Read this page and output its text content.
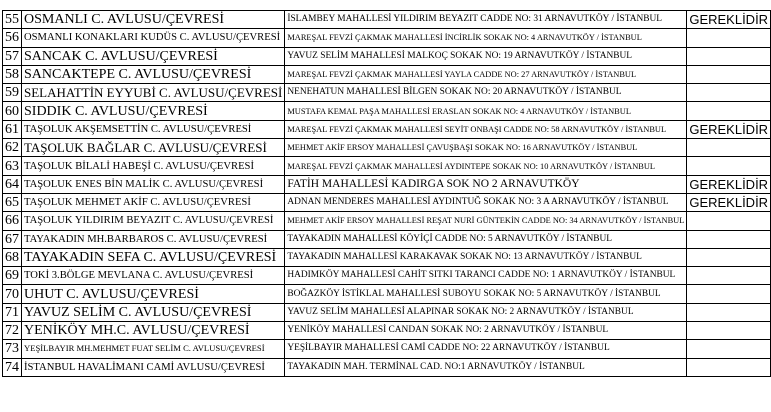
55	OSMANLI C. AVLUSU/ÇEVRESİ	İSLAMBEY MAHALLESİ YILDIRIM BEYAZIT CADDE NO: 31 ARNAVUTKÖY / İSTANBUL	GEREKLİDİR
56	OSMANLI KONAKLARI KUDÜS C. AVLUSU/ÇEVRESİ	MAREŞAL FEVZİ ÇAKMAK MAHALLESİ İNCİRLİK SOKAK NO: 4 ARNAVUTKÖY / İSTANBUL	
57	SANCAK C. AVLUSU/ÇEVRESİ	YAVUZ SELİM MAHALLESİ MALKOÇ SOKAK NO: 19 ARNAVUTKÖY / İSTANBUL	
58	SANCAKTEPE C. AVLUSU/ÇEVRESİ	MAREŞAL FEVZİ ÇAKMAK MAHALLESİ YAYLA CADDE NO: 27 ARNAVUTKÖY / İSTANBUL	
59	SELAHATTİN EYYUBİ C. AVLUSU/ÇEVRESİ	NENEHATUN MAHALLESİ BİLGEN SOKAK NO: 20 ARNAVUTKÖY / İSTANBUL	
60	SIDDIK C. AVLUSU/ÇEVRESİ	MUSTAFA KEMAL PAŞA MAHALLESİ ERASLAN SOKAK NO: 4 ARNAVUTKÖY / İSTANBUL	
61	TAŞOLUK AKŞEMSETTİN C. AVLUSU/ÇEVRESİ	MAREŞAL FEVZİ ÇAKMAK MAHALLESİ SEYİT ONBAŞI CADDE NO: 58 ARNAVUTKÖY / İSTANBUL	GEREKLİDİR
62	TAŞOLUK BAĞLAR C. AVLUSU/ÇEVRESİ	MEHMET AKİF ERSOY MAHALLESİ ÇAVUŞBAŞI SOKAK NO: 16 ARNAVUTKÖY / İSTANBUL	
63	TAŞOLUK BİLALİ HABEŞİ C. AVLUSU/ÇEVRESİ	MAREŞAL FEVZİ ÇAKMAK MAHALLESİ AYDINTEPE SOKAK NO: 10 ARNAVUTKÖY / İSTANBUL	
64	TAŞOLUK ENES BİN MALİK C. AVLUSU/ÇEVRESİ	FATİH MAHALLESİ KADIRGA SOK NO 2 ARNAVUTKÖY	GEREKLİDİR
65	TAŞOLUK MEHMET AKİF C. AVLUSU/ÇEVRESİ	ADNAN MENDERES MAHALLESİ AYDINTUĞ SOKAK NO: 3 A ARNAVUTKÖY / İSTANBUL	GEREKLİDİR
66	TAŞOLUK YILDIRIM BEYAZIT C. AVLUSU/ÇEVRESİ	MEHMET AKİF ERSOY MAHALLESİ REŞAT NURİ GÜNTEKİN CADDE NO: 34 ARNAVUTKÖY / İSTANBUL	
67	TAYAKADIN MH.BARBAROS C. AVLUSU/ÇEVRESİ	TAYAKADIN MAHALLESİ KÖYİÇİ CADDE NO: 5 ARNAVUTKÖY / İSTANBUL	
68	TAYAKADIN SEFA C. AVLUSU/ÇEVRESİ	TAYAKADIN MAHALLESİ KARAKAVAK SOKAK NO: 13 ARNAVUTKÖY / İSTANBUL	
69	TOKİ 3.BÖLGE MEVLANA C. AVLUSU/ÇEVRESİ	HADIMKÖY MAHALLESİ CAHİT SITKI TARANCI CADDE NO: 1 ARNAVUTKÖY / İSTANBUL	
70	UHUT C. AVLUSU/ÇEVRESİ	BOĞAZKÖY İSTİKLAL MAHALLESİ SUBOYU SOKAK NO: 5 ARNAVUTKÖY / İSTANBUL	
71	YAVUZ SELİM C. AVLUSU/ÇEVRESİ	YAVUZ SELİM MAHALLESİ ALAPINAR SOKAK NO: 2 ARNAVUTKÖY / İSTANBUL	
72	YENİKÖY MH.C. AVLUSU/ÇEVRESİ	YENİKÖY MAHALLESİ CANDAN SOKAK NO: 2 ARNAVUTKÖY / İSTANBUL	
73	YEŞİLBAYIR MH.MEHMET FUAT SELİM C. AVLUSU/ÇEVRESİ	YEŞİLBAYIR MAHALLESİ CAMİ CADDE NO: 22 ARNAVUTKÖY / İSTANBUL	
74	İSTANBUL HAVALİMANI CAMİ AVLUSU/ÇEVRESİ	TAYAKADIN MAH. TERMİNAL CAD. NO:1 ARNAVUTKÖY / İSTANBUL	
